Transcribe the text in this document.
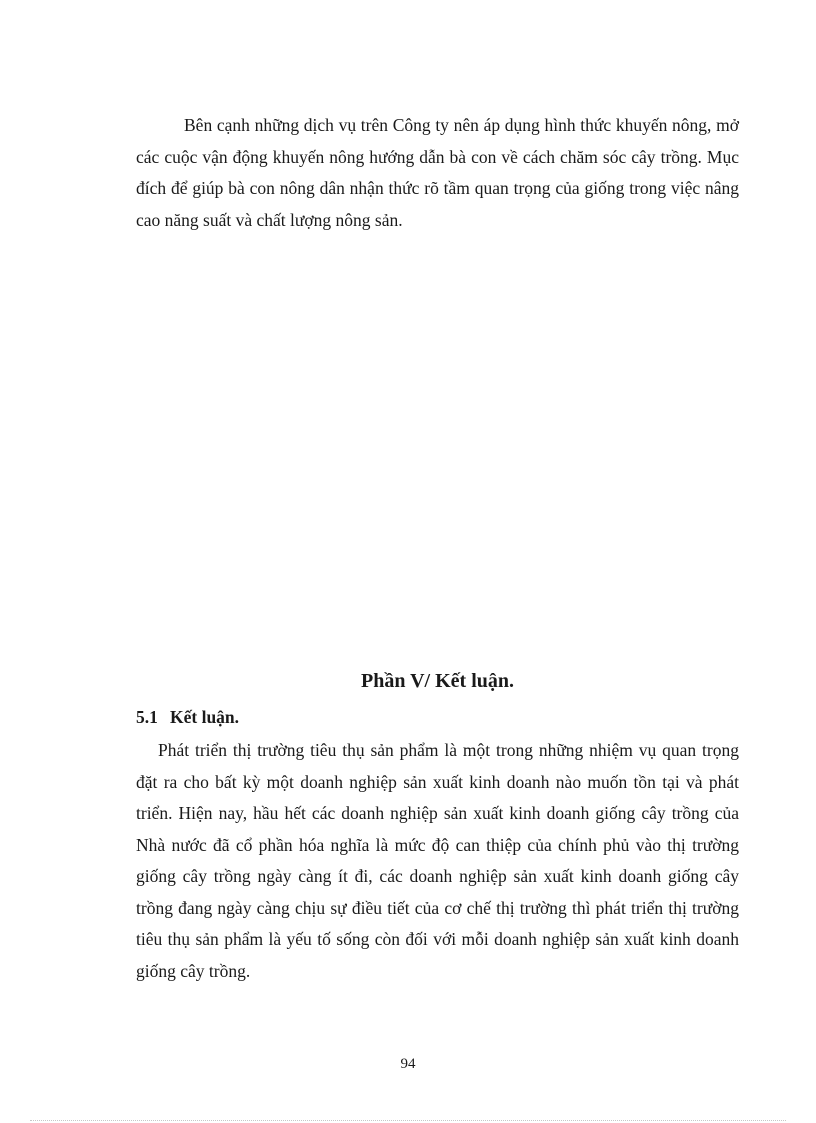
Bên cạnh những dịch vụ trên Công ty nên áp dụng hình thức khuyến nông, mở các cuộc vận động khuyến nông hướng dẫn bà con về cách chăm sóc cây trồng. Mục đích để giúp bà con nông dân nhận thức rõ tầm quan trọng của giống trong việc nâng cao năng suất và chất lượng nông sản.

Phần V/ Kết luận.
5.1 Kết luận.

Phát triển thị trường tiêu thụ sản phẩm là một trong những nhiệm vụ quan trọng đặt ra cho bất kỳ một doanh nghiệp sản xuất kinh doanh nào muốn tồn tại và phát triển. Hiện nay, hầu hết các doanh nghiệp sản xuất kinh doanh giống cây trồng của Nhà nước đã cổ phần hóa nghĩa là mức độ can thiệp của chính phủ vào thị trường giống cây trồng ngày càng ít đi, các doanh nghiệp sản xuất kinh doanh giống cây trồng đang ngày càng chịu sự điều tiết của cơ chế thị trường thì phát triển thị trường tiêu thụ sản phẩm là yếu tố sống còn đối với mỗi doanh nghiệp sản xuất kinh doanh giống cây trồng.

94
